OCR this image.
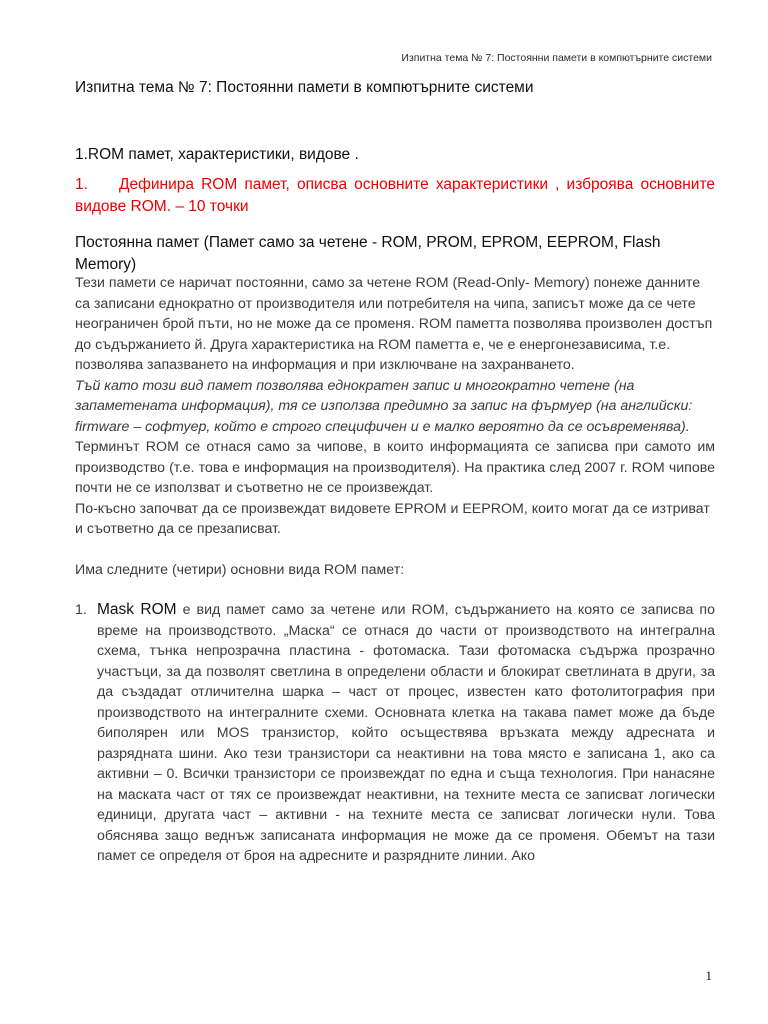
Изпитна тема № 7: Постоянни памети в компютърните системи
Изпитна тема № 7: Постоянни памети в компютърните системи
1.ROM памет, характеристики, видове .
1. Дефинира ROM памет, описва основните характеристики , изброява основните видове ROM. – 10 точки
Постоянна памет (Памет само за четене - ROM, PROM, EPROM, EEPROM, Flash Memory)

Тези памети се наричат постоянни, само за четене ROM (Read-Only- Memory) понеже данните са записани еднократно от производителя или потребителя на чипа, записът може да се чете неограничен брой пъти, но не може да се променя. ROM паметта позволява произволен достъп до съдържанието й. Друга характеристика на ROM паметта е, че е енергонезависима, т.е. позволява запазването на информация и при изключване на захранването.

Тъй като този вид памет позволява еднократен запис и многократно четене (на запаметената информация), тя се използва предимно за запис на фърмуер (на английски: firmware – софтуер, който е строго специфичен и е малко вероятно да се осъвременява).

Терминът ROM се отнася само за чипове, в които информацията се записва при самото им производство (т.е. това е информация на производителя). На практика след 2007 г. ROM чипове почти не се използват и съответно не се произвеждат.

По-късно започват да се произвеждат видовете EPROM и EEPROM, които могат да се изтриват и съответно да се презаписват.

Има следните (четири) основни вида ROM памет:

1. Mask ROM е вид памет само за четене или ROM, съдържанието на която се записва по време на производството. „Маска“ се отнася до части от производството на интегрална схема, тънка непрозрачна пластина - фотомаска. Тази фотомаска съдържа прозрачно участъци, за да позволят светлина в определени области и блокират светлината в други, за да създадат отличителна шарка – част от процес, известен като фотолитография при производството на интегралните схеми. Основната клетка на такава памет може да бъде биполярен или MOS транзистор, който осъществява връзката между адресната и разрядната шини. Ако тези транзистори са неактивни на това място е записана 1, ако са активни – 0. Всички транзистори се произвеждат по една и съща технология. При нанасяне на маската част от тях се произвеждат неактивни, на техните места се записват логически единици, другата част – активни - на техните места се записват логически нули. Това обяснява защо веднъж записаната информация не може да се променя. Обемът на тази памет се определя от броя на адресните и разрядните линии. Ако
1
